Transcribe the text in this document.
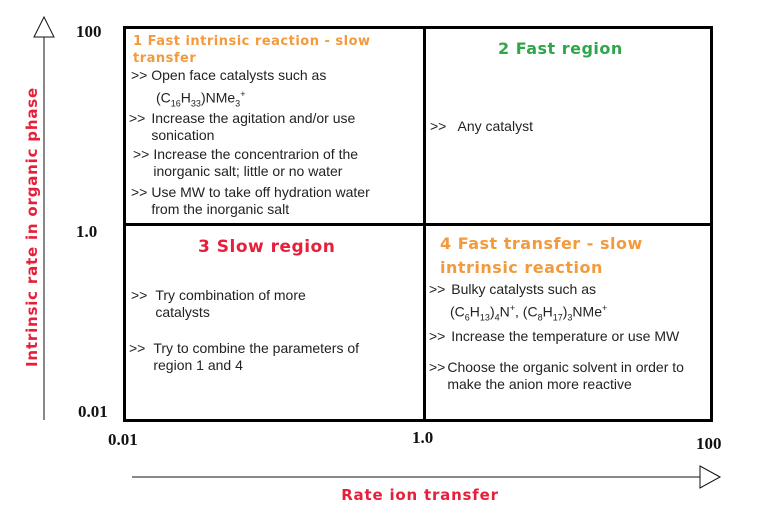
Intrinsic rate in organic phase
Rate ion transfer
100
1.0
0.01
0.01	1.0	100
1 Fast intrinsic reaction - slow transfer
>> Open face catalysts such as
$(C_{16}H_{33})NMe_3^+$
>> Increase the agitation and/or use sonication
>> Increase the concentrarion of the inorganic salt; little or no water
>> Use MW to take off hydration water from the inorganic salt
2 Fast region
>> Any catalyst
3 Slow region
>> Try combination of more catalysts
>> Try to combine the parameters of region 1 and 4
4 Fast transfer - slow intrinsic reaction
>> Bulky catalysts such as
$(C_6H_{13})_4N^+$, $(C_8H_{17})_3NMe^+$
>> Increase the temperature or use MW
>> Choose the organic solvent in order to make the anion more reactive
